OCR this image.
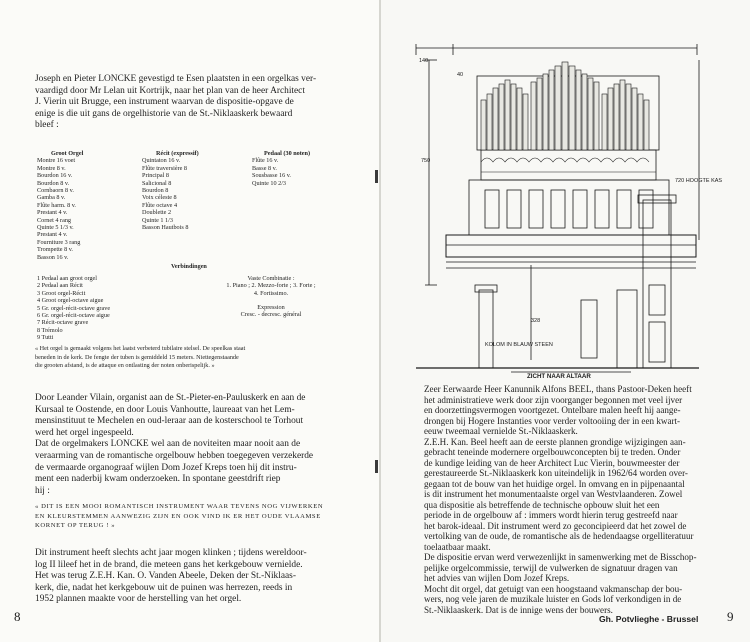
Joseph en Pieter LONCKE gevestigd te Esen plaatsten in een orgelkas ver-
vaardigd door Mr Lelan uit Kortrijk, naar het plan van de heer Architect
J. Vierin uit Brugge, een instrument waarvan de dispositie-opgave de
enige is die uit gans de orgelhistorie van de St.-Niklaaskerk bewaard
bleef :
Groot Orgel
Montre 16 voet
Montre 8 v.
Bourdon 16 v.
Bourdon 8 v.
Cornbaorn 8 v.
Gamba 8 v.
Flûte harm. 8 v.
Prestant 4 v.
Cornet 4 rang
Quinte 5 1/3 v.
Prestant 4 v.
Fourniture 3 rang
Trompette 8 v.
Basson 16 v.
Récit (expressif)
Quintaton 16 v.
Flûte traversière 8
Principal 8
Salicional 8
Bourdon 8
Voix céleste 8
Flûte octave 4
Doublette 2
Quinte 1 1/3
Basson Hautbois 8
Pedaal (30 noten)
Flûte 16 v.
Basse 8 v.
Sousbasse 16 v.
Quinte 10 2/3
Verbindingen
1 Pedaal aan groot orgel
2 Pedaal aan Récit
3 Groot orgel-Récit
4 Groot orgel-octave aigue
5 Gr. orgel-récit-octave grave
6 Gr. orgel-récit-octave aigue
7 Récit-octave grave
8 Trémolo
9 Tutti
Vaste Combinatie :
1. Piano ; 2. Mezzo-forte ; 3. Forte ;
4. Fortissimo.
Expression
Cresc. - decresc. général
« Het orgel is gemaakt volgens het laatst verbeterd tubilaire stelsel. De speelkas staat
beneden in de kerk. De fengte der tuben is gemiddeld 15 meters. Niettegenstaande
die grooten afstand, is de attaque en ontlasting der noten onberispelijk. »
Door Leander Vilain, organist aan de St.-Pieter-en-Pauluskerk en aan de
Kursaal te Oostende, en door Louis Vanhoutte, laureaat van het Lem-
mensinstituut te Mechelen en oud-leraar aan de kosterschool te Torhout
werd het orgel ingespeeld.
Dat de orgelmakers LONCKE wel aan de noviteiten maar nooit aan de
veraarming van de romantische orgelbouw hebben toegegeven verzekerde
de vermaarde organograaf wijlen Dom Jozef Kreps toen hij dit instru-
ment een naderbij kwam onderzoeken. In spontane geestdrift riep
hij :
« DIT IS EEN MOOI ROMANTISCH INSTRUMENT WAAR TEVENS NOG VIJWERKEN
EN KLEURSTEMMEN AANWEZIG ZIJN EN OOK VIND IK ER HET OUDE VLAAMSE
KORNET OP TERUG ! »
Dit instrument heeft slechts acht jaar mogen klinken ; tijdens wereldoor-
log II lileef het in de brand, die meteen gans het kerkgebouw vernielde.
Het was terug Z.E.H. Kan. O. Vanden Abeele, Deken der St.-Niklaas-
kerk, die, nadat het kerkgebouw uit de puinen was herrezen, reeds in
1952 plannen maakte voor de herstelling van het orgel.
8
140
40
750
720 HOOGTE KAS
328
KOLOM IN BLAUW STEEN
ZICHT NAAR ALTAAR
Zeer Eerwaarde Heer Kanunnik Alfons BEEL, thans Pastoor-Deken heeft
het administratieve werk door zijn voorganger begonnen met veel ijver
en doorzettingsvermogen voortgezet. Ontelbare malen heeft hij aange-
drongen bij Hogere Instanties voor verder voltooiing der in een kwart-
eeuw tweemaal vernielde St.-Niklaaskerk.
Z.E.H. Kan. Beel heeft aan de eerste plannen grondige wijzigingen aan-
gebracht teneinde modernere orgelbouwconcepten bij te treden. Onder
de kundige leiding van de heer Architect Luc Vierin, bouwmeester der
gerestaureerde St.-Niklaaskerk kon uiteindelijk in 1962/64 worden over-
gegaan tot de bouw van het huidige orgel. In omvang en in pijpenaantal
is dit instrument het monumentaalste orgel van Westvlaanderen. Zowel
qua dispositie als betreffende de technische opbouw sluit het een
periode in de orgelbouw af : immers wordt hierin terug gestreefd naar
het barok-ideaal. Dit instrument werd zo geconcipieerd dat het zowel de
vertolking van de oude, de romantische als de hedendaagse orgelliteratuur
toelaatbaar maakt.
De dispositie ervan werd verwezenlijkt in samenwerking met de Bisschop-
pelijke orgelcommissie, terwijl de vulwerken de signatuur dragen van
het advies van wijlen Dom Jozef Kreps.
Mocht dit orgel, dat getuigt van een hoogstaand vakmanschap der bou-
wers, nog vele jaren de muzikale luister en Gods lof verkondigen in de
St.-Niklaaskerk. Dat is de innige wens der bouwers.
Gh. Potvlieghe - Brussel 9
